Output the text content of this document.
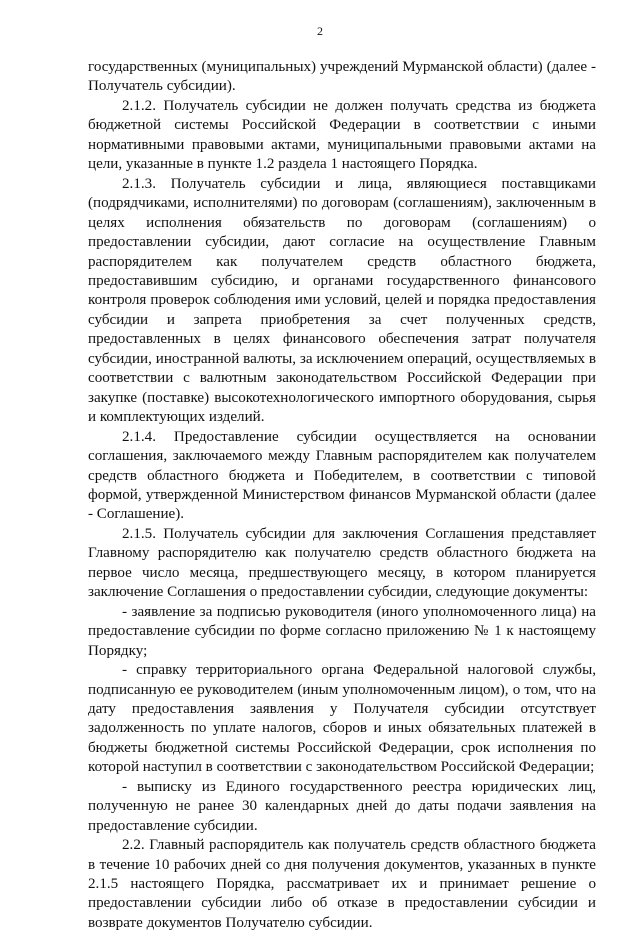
2

государственных (муниципальных) учреждений Мурманской области) (далее - Получатель субсидии).

2.1.2. Получатель субсидии не должен получать средства из бюджета бюджетной системы Российской Федерации в соответствии с иными нормативными правовыми актами, муниципальными правовыми актами на цели, указанные в пункте 1.2 раздела 1 настоящего Порядка.

2.1.3. Получатель субсидии и лица, являющиеся поставщиками (подрядчиками, исполнителями) по договорам (соглашениям), заключенным в целях исполнения обязательств по договорам (соглашениям) о предоставлении субсидии, дают согласие на осуществление Главным распорядителем как получателем средств областного бюджета, предоставившим субсидию, и органами государственного финансового контроля проверок соблюдения ими условий, целей и порядка предоставления субсидии и запрета приобретения за счет полученных средств, предоставленных в целях финансового обеспечения затрат получателя субсидии, иностранной валюты, за исключением операций, осуществляемых в соответствии с валютным законодательством Российской Федерации при закупке (поставке) высокотехнологического импортного оборудования, сырья и комплектующих изделий.

2.1.4. Предоставление субсидии осуществляется на основании соглашения, заключаемого между Главным распорядителем как получателем средств областного бюджета и Победителем, в соответствии с типовой формой, утвержденной Министерством финансов Мурманской области (далее - Соглашение).

2.1.5. Получатель субсидии для заключения Соглашения представляет Главному распорядителю как получателю средств областного бюджета на первое число месяца, предшествующего месяцу, в котором планируется заключение Соглашения о предоставлении субсидии, следующие документы:

- заявление за подписью руководителя (иного уполномоченного лица) на предоставление субсидии по форме согласно приложению № 1 к настоящему Порядку;

- справку территориального органа Федеральной налоговой службы, подписанную ее руководителем (иным уполномоченным лицом), о том, что на дату предоставления заявления у Получателя субсидии отсутствует задолженность по уплате налогов, сборов и иных обязательных платежей в бюджеты бюджетной системы Российской Федерации, срок исполнения по которой наступил в соответствии с законодательством Российской Федерации;

- выписку из Единого государственного реестра юридических лиц, полученную не ранее 30 календарных дней до даты подачи заявления на предоставление субсидии.

2.2. Главный распорядитель как получатель средств областного бюджета в течение 10 рабочих дней со дня получения документов, указанных в пункте 2.1.5 настоящего Порядка, рассматривает их и принимает решение о предоставлении субсидии либо об отказе в предоставлении субсидии и возврате документов Получателю субсидии.
